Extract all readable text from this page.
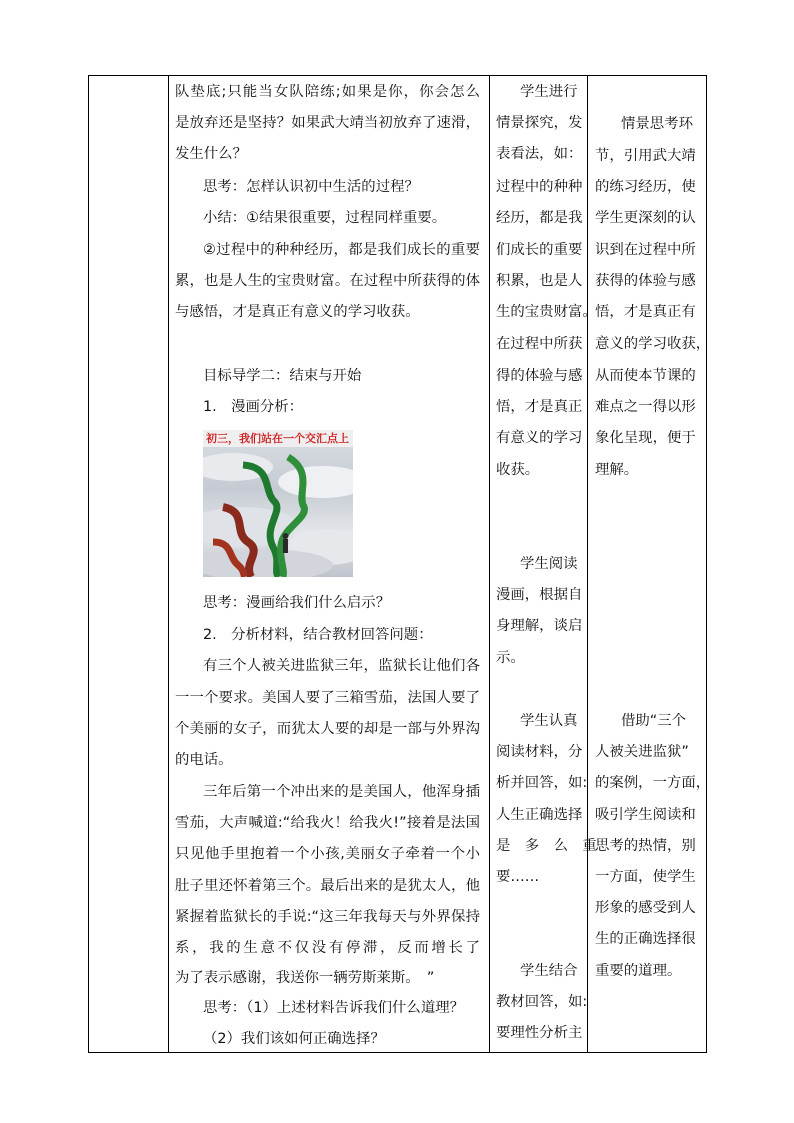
队垫底;只能当女队陪练;如果是你，你会怎么
是放弃还是坚持？如果武大靖当初放弃了速滑，
发生什么？
思考：怎样认识初中生活的过程？
小结：①结果很重要，过程同样重要。
②过程中的种种经历，都是我们成长的重要
累，也是人生的宝贵财富。在过程中所获得的体
与感悟，才是真正有意义的学习收获。
目标导学二：结束与开始
1.　漫画分析：
初三，我们站在一个交汇点上
思考：漫画给我们什么启示？
2.　分析材料，结合教材回答问题：
有三个人被关进监狱三年，监狱长让他们各
一一个要求。美国人要了三箱雪茄，法国人要了
个美丽的女子，而犹太人要的却是一部与外界沟
的电话。
三年后第一个冲出来的是美国人，他浑身插
雪茄，大声喊道:“给我火！给我火!”接着是法国
只见他手里抱着一个小孩,美丽女子牵着一个小
肚子里还怀着第三个。最后出来的是犹太人，他
紧握着监狱长的手说:“这三年我每天与外界保持
系，我的生意不仅没有停滞，反而增长了
为了表示感谢，我送你一辆劳斯莱斯。　”
思考：（1）上述材料告诉我们什么道理？
（2）我们该如何正确选择？
学生进行
情景探究，发
表看法，如：
过程中的种种
经历，都是我
们成长的重要
积累，也是人
生的宝贵财富。
在过程中所获
得的体验与感
悟，才是真正
有意义的学习
收获。
学生阅读
漫画，根据自
身理解，谈启
示。
学生认真
阅读材料，分
析并回答，如:
人生正确选择
是　多　么　重
要……
学生结合
教材回答，如:
要理性分析主
情景思考环
节，引用武大靖
的练习经历，使
学生更深刻的认
识到在过程中所
获得的体验与感
悟，才是真正有
意义的学习收获，
从而使本节课的
难点之一得以形
象化呈现，便于
理解。
借助“三个
人被关进监狱”
的案例，一方面，
吸引学生阅读和
思考的热情，别
一方面，使学生
形象的感受到人
生的正确选择很
重要的道理。
